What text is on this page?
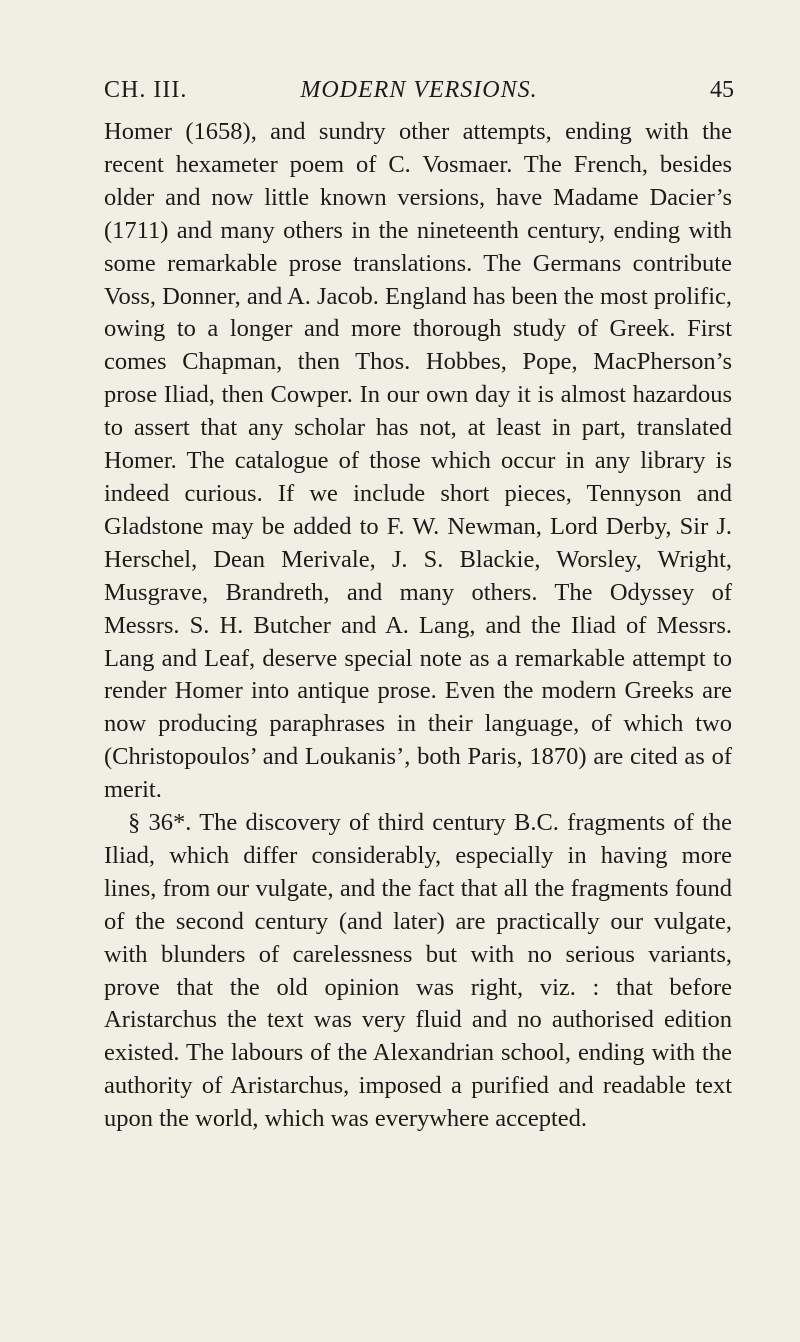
CH. III.	MODERN VERSIONS.	45

Homer (1658), and sundry other attempts, ending with the recent hexameter poem of C. Vosmaer. The French, besides older and now little known versions, have Madame Dacier’s (1711) and many others in the nineteenth century, ending with some remarkable prose translations. The Germans contribute Voss, Donner, and A. Jacob. England has been the most prolific, owing to a longer and more thorough study of Greek. First comes Chapman, then Thos. Hobbes, Pope, MacPherson’s prose Iliad, then Cowper. In our own day it is almost hazardous to assert that any scholar has not, at least in part, translated Homer. The catalogue of those which occur in any library is indeed curious. If we include short pieces, Tennyson and Gladstone may be added to F. W. Newman, Lord Derby, Sir J. Herschel, Dean Merivale, J. S. Blackie, Worsley, Wright, Musgrave, Brandreth, and many others. The Odyssey of Messrs. S. H. Butcher and A. Lang, and the Iliad of Messrs. Lang and Leaf, deserve special note as a remarkable attempt to render Homer into antique prose. Even the modern Greeks are now producing paraphrases in their language, of which two (Christopoulos’ and Loukanis’, both Paris, 1870) are cited as of merit.

§ 36*. The discovery of third century B.C. fragments of the Iliad, which differ considerably, especially in having more lines, from our vulgate, and the fact that all the fragments found of the second century (and later) are practically our vulgate, with blunders of carelessness but with no serious variants, prove that the old opinion was right, viz. : that before Aristarchus the text was very fluid and no authorised edition existed. The labours of the Alexandrian school, ending with the authority of Aristarchus, imposed a purified and readable text upon the world, which was everywhere accepted.
